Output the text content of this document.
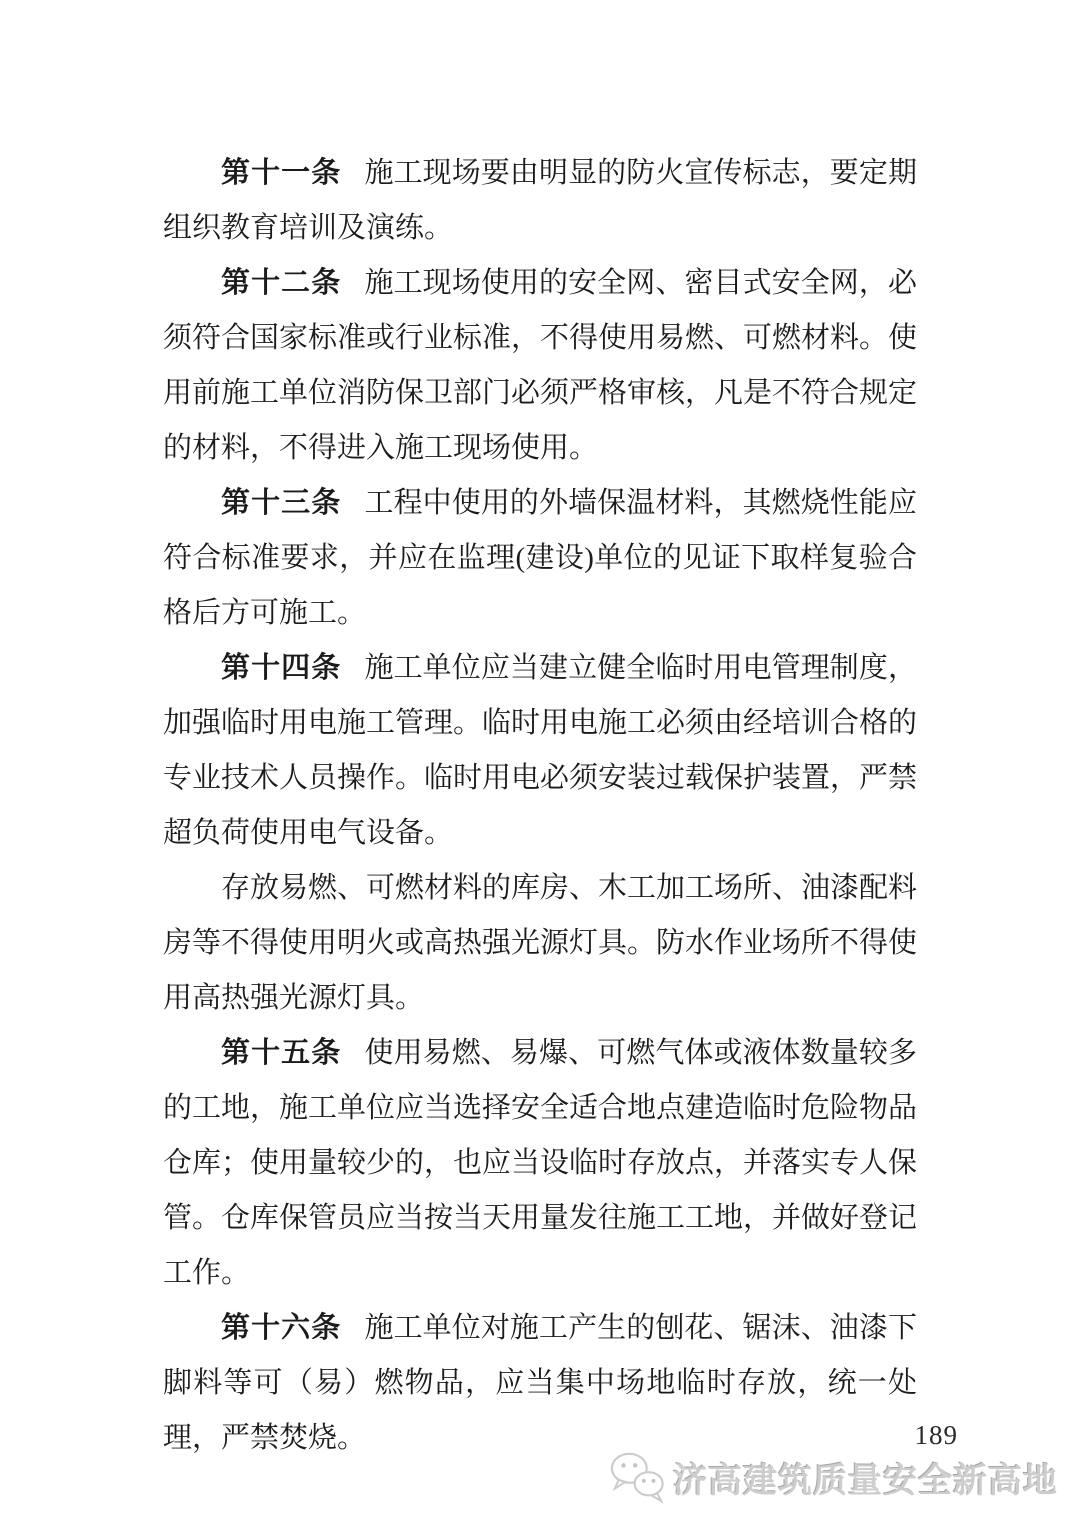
第十一条 施工现场要由明显的防火宣传标志，要定期组织教育培训及演练。

第十二条 施工现场使用的安全网、密目式安全网，必须符合国家标准或行业标准，不得使用易燃、可燃材料。使用前施工单位消防保卫部门必须严格审核，凡是不符合规定的材料，不得进入施工现场使用。

第十三条 工程中使用的外墙保温材料，其燃烧性能应符合标准要求，并应在监理(建设)单位的见证下取样复验合格后方可施工。

第十四条 施工单位应当建立健全临时用电管理制度，加强临时用电施工管理。临时用电施工必须由经培训合格的专业技术人员操作。临时用电必须安装过载保护装置，严禁超负荷使用电气设备。

存放易燃、可燃材料的库房、木工加工场所、油漆配料房等不得使用明火或高热强光源灯具。防水作业场所不得使用高热强光源灯具。

第十五条 使用易燃、易爆、可燃气体或液体数量较多的工地，施工单位应当选择安全适合地点建造临时危险物品仓库；使用量较少的，也应当设临时存放点，并落实专人保管。仓库保管员应当按当天用量发往施工工地，并做好登记工作。

第十六条 施工单位对施工产生的刨花、锯沫、油漆下脚料等可（易）燃物品，应当集中场地临时存放，统一处理，严禁焚烧。	189
济高建筑质量安全新高地
